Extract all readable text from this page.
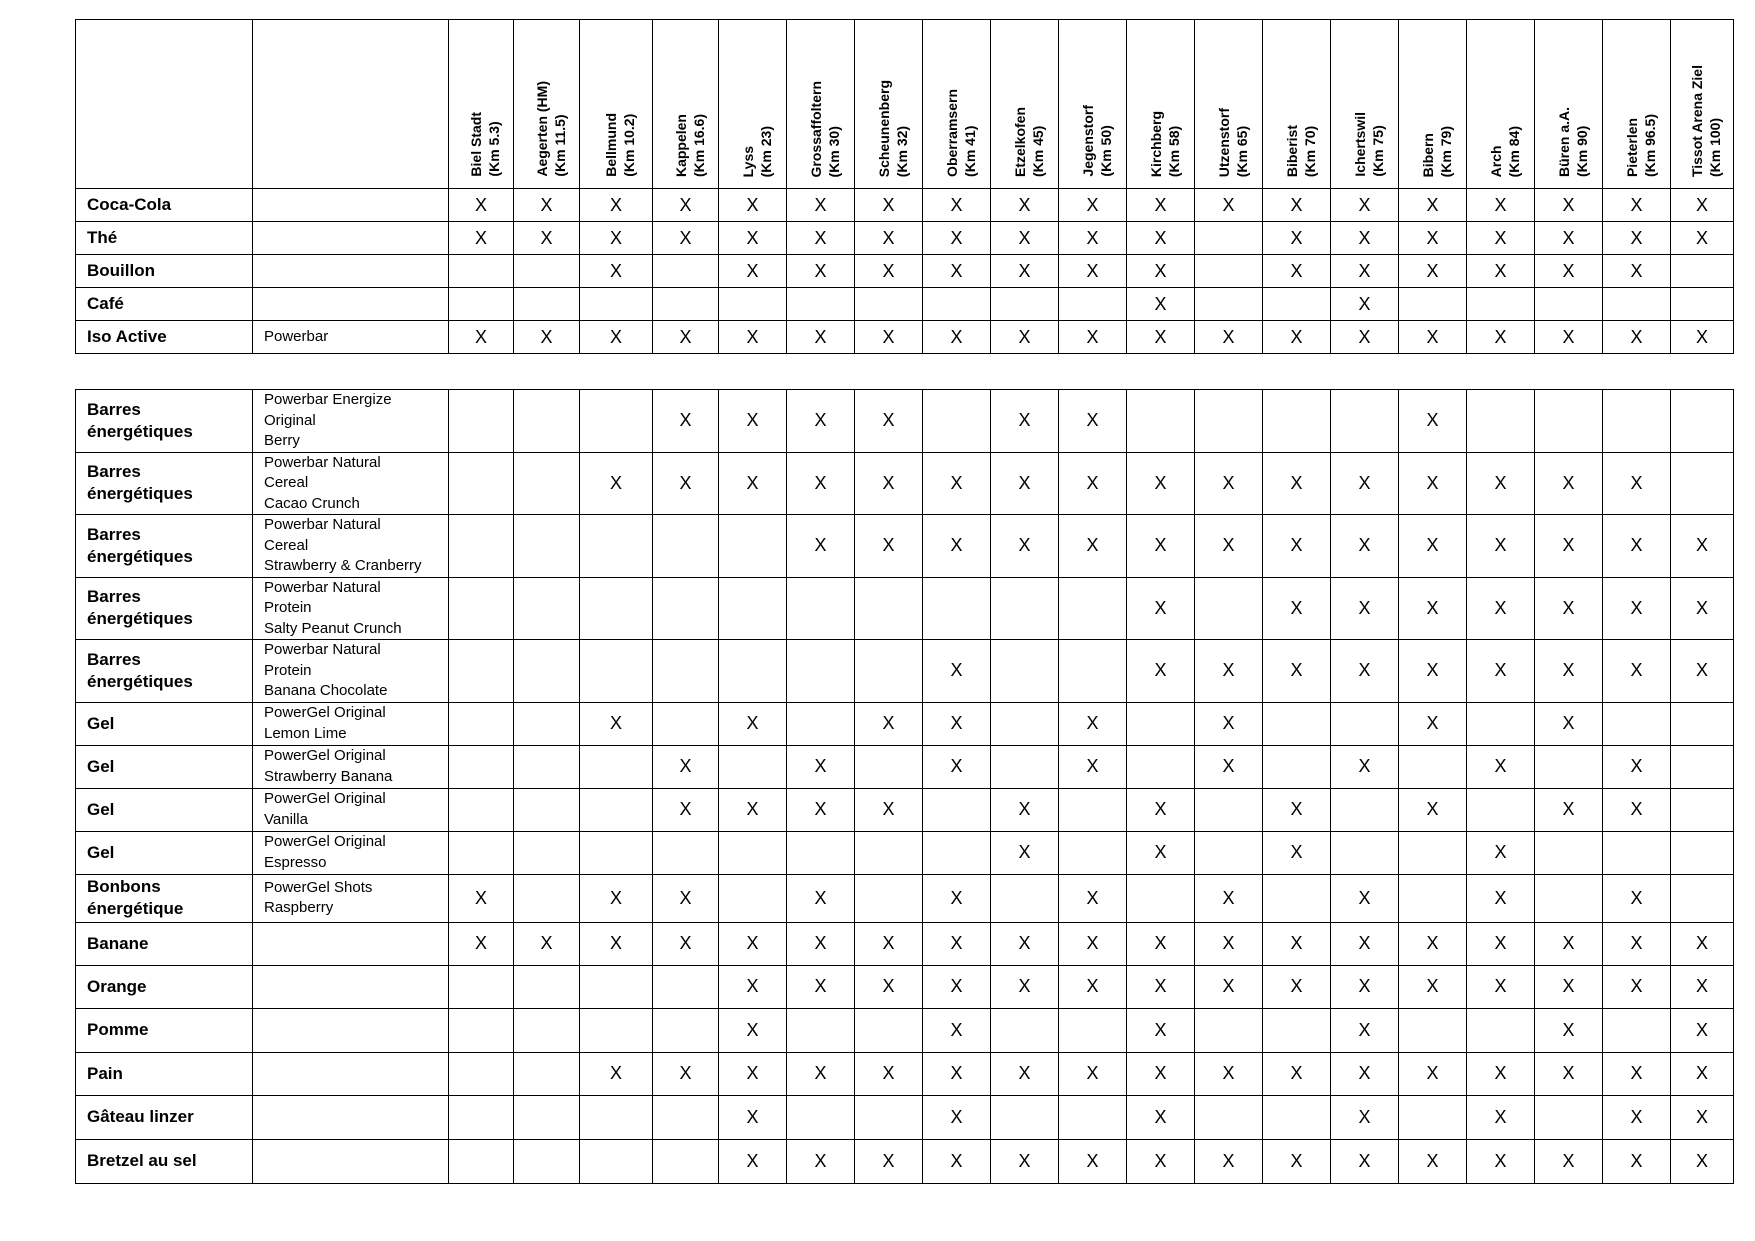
		Biel Stadt (Km 5.3)	Aegerten (HM) (Km 11.5)	Bellmund (Km 10.2)	Kappelen (Km 16.6)	Lyss (Km 23)	Grossaffoltern (Km 30)	Scheunenberg (Km 32)	Oberramsern (Km 41)	Etzelkofen (Km 45)	Jegenstorf (Km 50)	Kirchberg (Km 58)	Utzenstorf (Km 65)	Biberist (Km 70)	Ichertswil (Km 75)	Bibern (Km 79)	Arch (Km 84)	Büren a.A. (Km 90)	Pieterlen (Km 96.5)	Tissot Arena Ziel (Km 100)

Coca-Cola		X	X	X	X	X	X	X	X	X	X	X	X	X	X	X	X	X	X	X
Thé		X	X	X	X	X	X	X	X	X	X	X		X	X	X	X	X	X	X
Bouillon				X		X	X	X	X	X	X	X		X	X	X	X	X	X	
Café												X			X					
Iso Active	Powerbar	X	X	X	X	X	X	X	X	X	X	X	X	X	X	X	X	X	X	X
Barres
énergétiques	Powerbar Energize
Original
Berry				X	X	X	X		X	X					X				

Barres
énergétiques	Powerbar Natural
Cereal
Cacao Crunch			X	X	X	X	X	X	X	X	X	X	X	X	X	X	X	X	

Barres
énergétiques	Powerbar Natural
Cereal
Strawberry & Cranberry						X	X	X	X	X	X	X	X	X	X	X	X	X	X

Barres
énergétiques	Powerbar Natural
Protein
Salty Peanut Crunch											X		X	X	X	X	X	X	X

Barres
énergétiques	Powerbar Natural
Protein
Banana Chocolate								X			X	X	X	X	X	X	X	X	X

Gel	PowerGel Original
Lemon Lime			X		X		X	X		X		X			X		X		

Gel	PowerGel Original
Strawberry Banana				X		X		X		X		X		X		X		X	

Gel	PowerGel Original
Vanilla				X	X	X	X		X		X		X		X		X	X	

Gel	PowerGel Original
Espresso									X		X		X			X			

Bonbons
énergétique	PowerGel Shots
Raspberry	X		X	X		X		X		X		X		X		X		X	

Banane		X	X	X	X	X	X	X	X	X	X	X	X	X	X	X	X	X	X	X

Orange						X	X	X	X	X	X	X	X	X	X	X	X	X	X	X

Pomme						X			X			X			X			X		X

Pain				X	X	X	X	X	X	X	X	X	X	X	X	X	X	X	X	X

Gâteau linzer						X			X			X			X		X		X	X

Bretzel au sel						X	X	X	X	X	X	X	X	X	X	X	X	X	X	X
